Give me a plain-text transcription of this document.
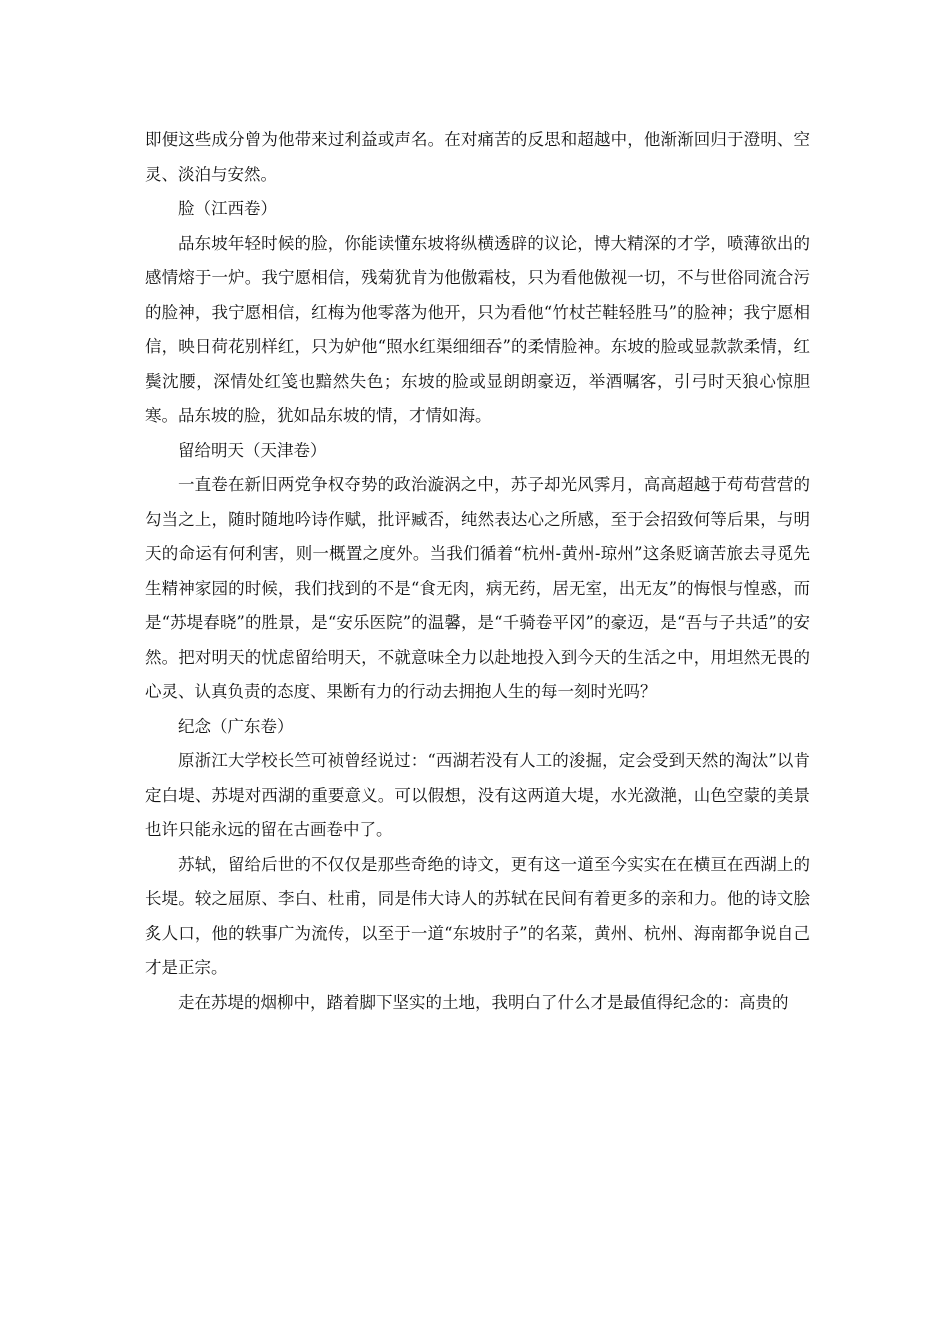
即便这些成分曾为他带来过利益或声名。在对痛苦的反思和超越中，他渐渐回归于澄明、空灵、淡泊与安然。

脸（江西卷）

品东坡年轻时候的脸，你能读懂东坡将纵横透辟的议论，博大精深的才学，喷薄欲出的感情熔于一炉。我宁愿相信，残菊犹肯为他傲霜枝，只为看他傲视一切，不与世俗同流合污的脸神，我宁愿相信，红梅为他零落为他开，只为看他“竹杖芒鞋轻胜马”的脸神；我宁愿相信，映日荷花别样红，只为妒他“照水红渠细细吞”的柔情脸神。东坡的脸或显款款柔情，红鬓沈腰，深情处红笺也黯然失色；东坡的脸或显朗朗豪迈，举酒嘱客，引弓时天狼心惊胆寒。品东坡的脸，犹如品东坡的情，才情如海。

留给明天（天津卷）

一直卷在新旧两党争权夺势的政治漩涡之中，苏子却光风霁月，高高超越于苟苟营营的勾当之上，随时随地吟诗作赋，批评臧否，纯然表达心之所感，至于会招致何等后果，与明天的命运有何利害，则一概置之度外。当我们循着“杭州-黄州-琼州”这条贬谪苦旅去寻觅先生精神家园的时候，我们找到的不是“食无肉，病无药，居无室，出无友”的悔恨与惶惑，而是“苏堤春晓”的胜景，是“安乐医院”的温馨，是“千骑卷平冈”的豪迈，是“吾与子共适”的安然。把对明天的忧虑留给明天，不就意味全力以赴地投入到今天的生活之中，用坦然无畏的心灵、认真负责的态度、果断有力的行动去拥抱人生的每一刻时光吗？

纪念（广东卷）

原浙江大学校长竺可祯曾经说过：“西湖若没有人工的浚掘，定会受到天然的淘汰”以肯定白堤、苏堤对西湖的重要意义。可以假想，没有这两道大堤，水光潋滟，山色空蒙的美景也许只能永远的留在古画卷中了。

苏轼，留给后世的不仅仅是那些奇绝的诗文，更有这一道至今实实在在横亘在西湖上的长堤。较之屈原、李白、杜甫，同是伟大诗人的苏轼在民间有着更多的亲和力。他的诗文脍炙人口，他的轶事广为流传，以至于一道“东坡肘子”的名菜，黄州、杭州、海南都争说自己才是正宗。

走在苏堤的烟柳中，踏着脚下坚实的土地，我明白了什么才是最值得纪念的：高贵的
